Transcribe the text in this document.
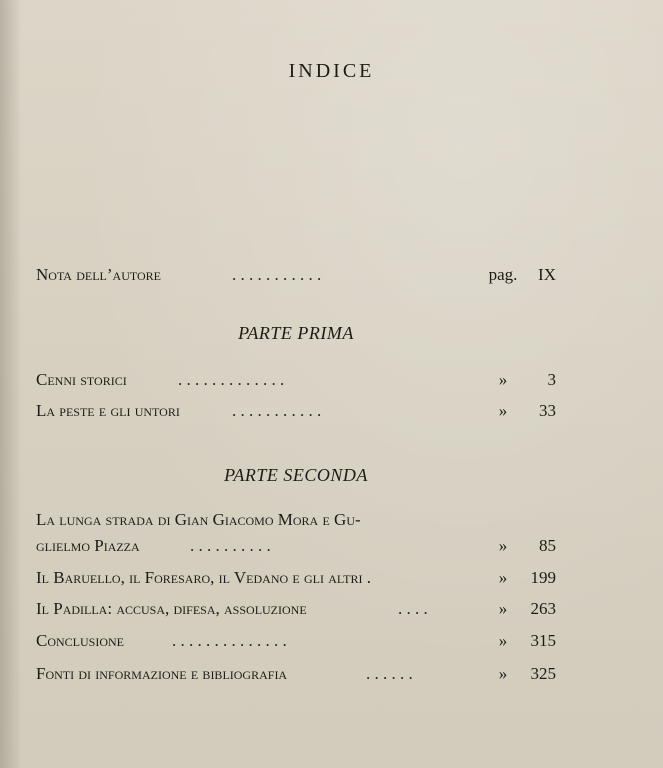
INDICE
Nota dell’autore	. . . . . . . . . . .	pag.	IX
PARTE PRIMA
Cenni storici	. . . . . . . . . . . . .	»	3
La peste e gli untori	. . . . . . . . . . .	»	33
PARTE SECONDA
La lunga strada di Gian Giacomo Mora e Gu-
glielmo Piazza	. . . . . . . . . .	»	85
Il Baruello, il Foresaro, il Vedano e gli altri .	»	199
Il Padilla: accusa, difesa, assoluzione	. . . .	»	263
Conclusione	. . . . . . . . . . . . . .	»	315
Fonti di informazione e bibliografia	. . . . . .	»	325
